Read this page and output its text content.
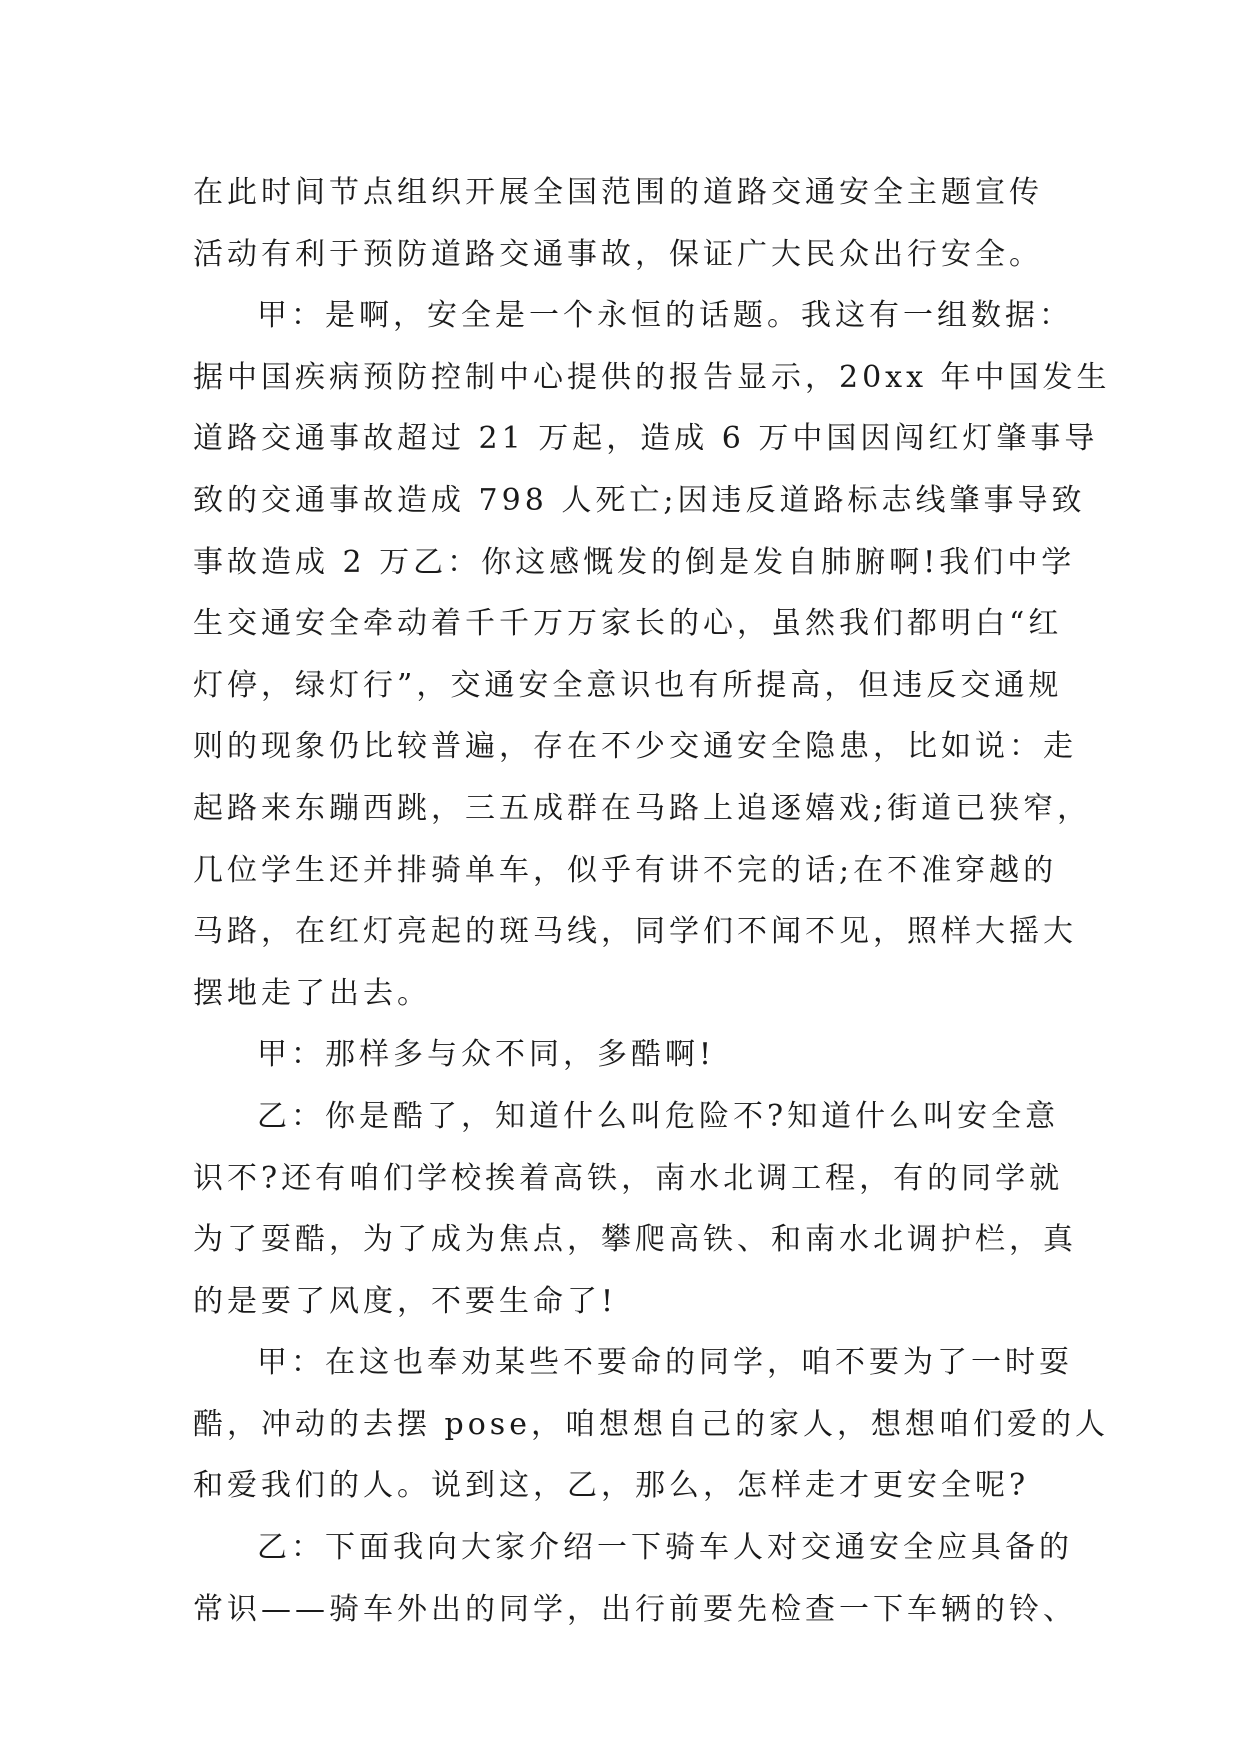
在此时间节点组织开展全国范围的道路交通安全主题宣传
活动有利于预防道路交通事故，保证广大民众出行安全。
甲：是啊，安全是一个永恒的话题。我这有一组数据：
据中国疾病预防控制中心提供的报告显示，20xx 年中国发生
道路交通事故超过 21 万起，造成 6 万中国因闯红灯肇事导
致的交通事故造成 798 人死亡;因违反道路标志线肇事导致
事故造成 2 万乙：你这感慨发的倒是发自肺腑啊!我们中学
生交通安全牵动着千千万万家长的心，虽然我们都明白“红
灯停，绿灯行”，交通安全意识也有所提高，但违反交通规
则的现象仍比较普遍，存在不少交通安全隐患，比如说：走
起路来东蹦西跳，三五成群在马路上追逐嬉戏;街道已狭窄，
几位学生还并排骑单车，似乎有讲不完的话;在不准穿越的
马路，在红灯亮起的斑马线，同学们不闻不见，照样大摇大
摆地走了出去。
甲：那样多与众不同，多酷啊!
乙：你是酷了，知道什么叫危险不?知道什么叫安全意
识不?还有咱们学校挨着高铁，南水北调工程，有的同学就
为了耍酷，为了成为焦点，攀爬高铁、和南水北调护栏，真
的是要了风度，不要生命了!
甲：在这也奉劝某些不要命的同学，咱不要为了一时耍
酷，冲动的去摆 pose，咱想想自己的家人，想想咱们爱的人
和爱我们的人。说到这，乙，那么，怎样走才更安全呢?
乙：下面我向大家介绍一下骑车人对交通安全应具备的
常识——骑车外出的同学，出行前要先检查一下车辆的铃、
